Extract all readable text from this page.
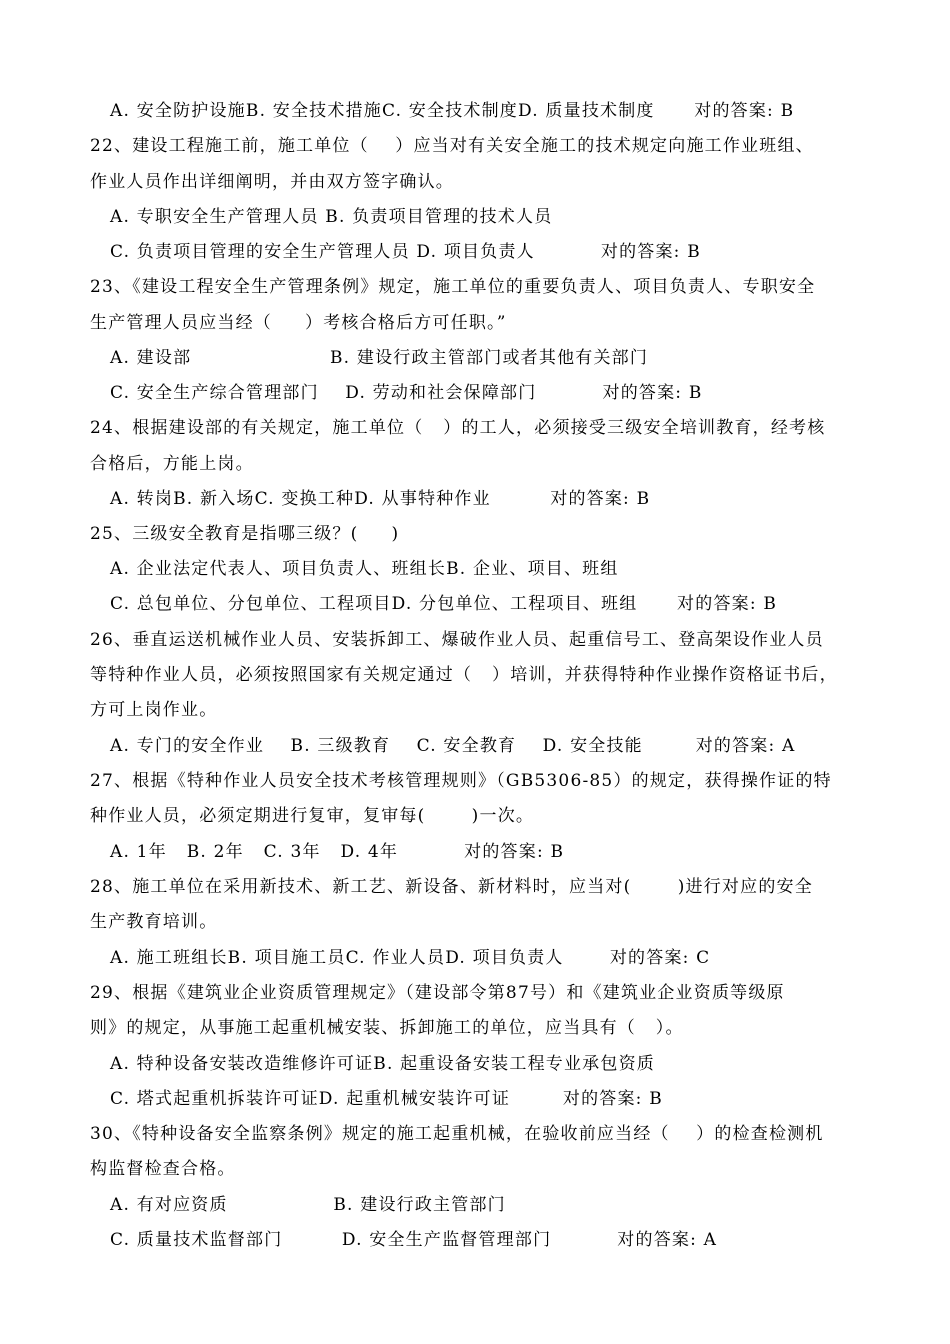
A. 安全防护设施B. 安全技术措施C. 安全技术制度D. 质量技术制度      对的答案: B
22、建设工程施工前，施工单位（    ）应当对有关安全施工的技术规定向施工作业班组、
作业人员作出详细阐明，并由双方签字确认。
A. 专职安全生产管理人员 B. 负责项目管理的技术人员
C. 负责项目管理的安全生产管理人员 D. 项目负责人          对的答案: B
23、《建设工程安全生产管理条例》规定，施工单位的重要负责人、项目负责人、专职安全
生产管理人员应当经（     ）考核合格后方可任职。”
A. 建设部                     B. 建设行政主管部门或者其他有关部门
C. 安全生产综合管理部门    D. 劳动和社会保障部门          对的答案: B
24、根据建设部的有关规定，施工单位（   ）的工人，必须接受三级安全培训教育，经考核
合格后，方能上岗。
A. 转岗B. 新入场C. 变换工种D. 从事特种作业         对的答案: B
25、三级安全教育是指哪三级？(     )
A. 企业法定代表人、项目负责人、班组长B. 企业、项目、班组
C. 总包单位、分包单位、工程项目D. 分包单位、工程项目、班组      对的答案: B
26、垂直运送机械作业人员、安装拆卸工、爆破作业人员、起重信号工、登高架设作业人员
等特种作业人员，必须按照国家有关规定通过（   ）培训，并获得特种作业操作资格证书后，
方可上岗作业。
A. 专门的安全作业    B. 三级教育    C. 安全教育    D. 安全技能        对的答案: A
27、根据《特种作业人员安全技术考核管理规则》（GB5306-85）的规定，获得操作证的特
种作业人员，必须定期进行复审，复审每(       )一次。
A. 1年   B. 2年   C. 3年   D. 4年          对的答案: B
28、施工单位在采用新技术、新工艺、新设备、新材料时，应当对(       )进行对应的安全
生产教育培训。
A. 施工班组长B. 项目施工员C. 作业人员D. 项目负责人       对的答案: C
29、根据《建筑业企业资质管理规定》（建设部令第87号）和《建筑业企业资质等级原
则》的规定，从事施工起重机械安装、拆卸施工的单位，应当具有（   ）。
A. 特种设备安装改造维修许可证B. 起重设备安装工程专业承包资质
C. 塔式起重机拆装许可证D. 起重机械安装许可证        对的答案: B
30、《特种设备安全监察条例》规定的施工起重机械，在验收前应当经（    ）的检查检测机
构监督检查合格。
A. 有对应资质                B. 建设行政主管部门
C. 质量技术监督部门         D. 安全生产监督管理部门          对的答案: A
